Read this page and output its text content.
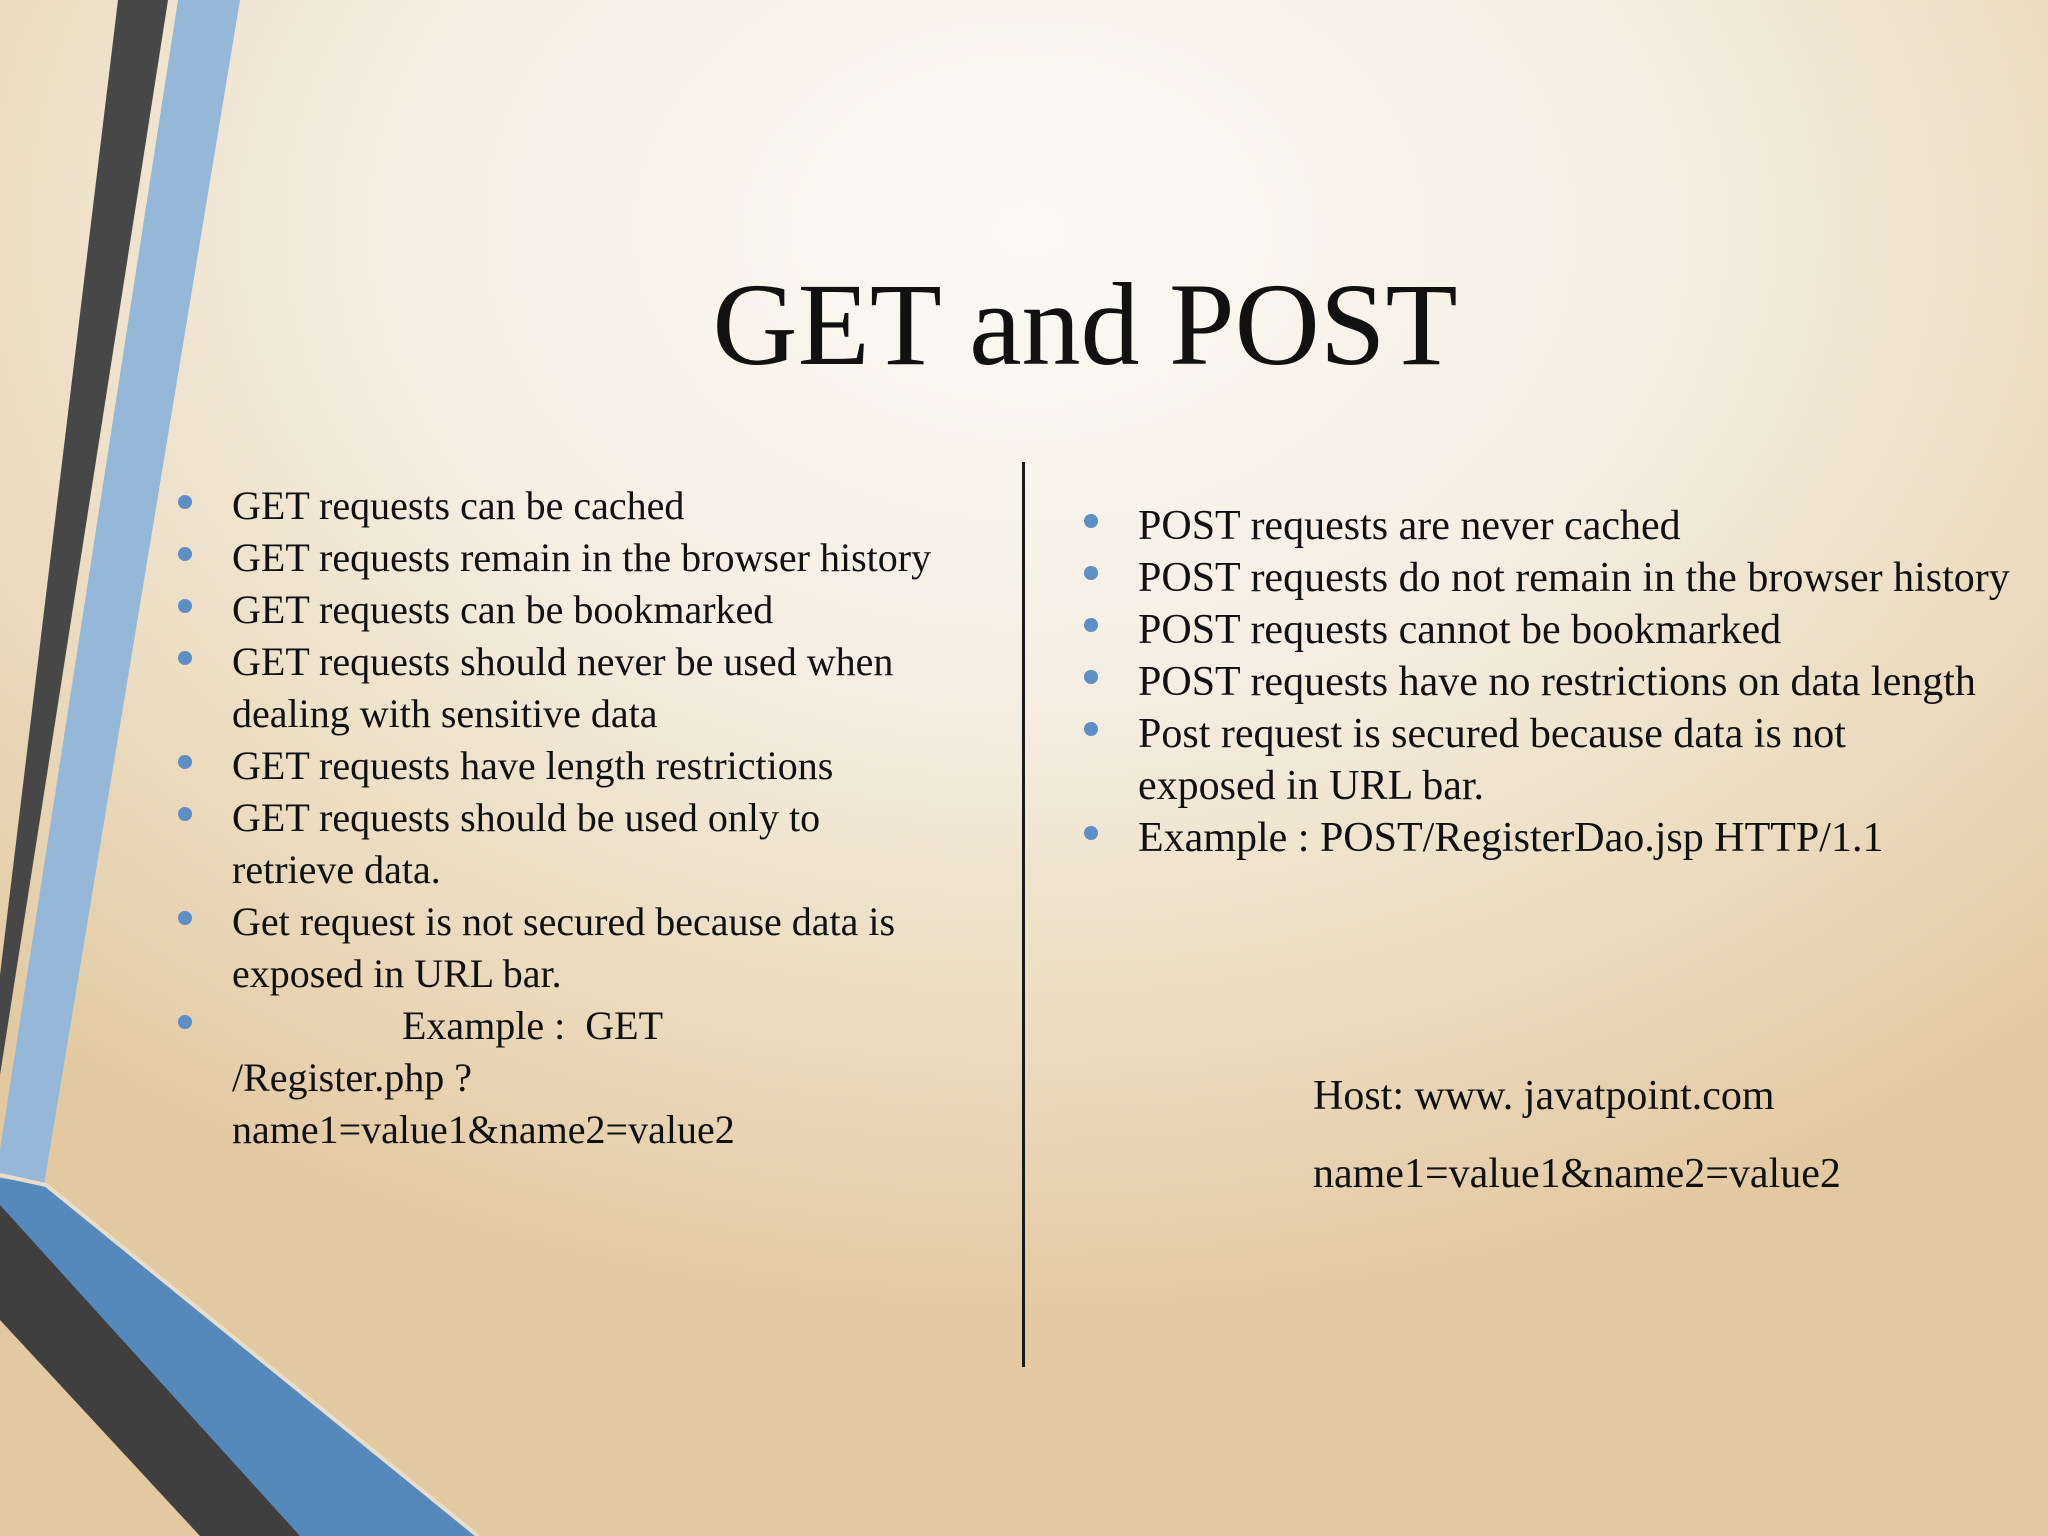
GET and POST
GET requests can be cached
GET requests remain in the browser history
GET requests can be bookmarked
GET requests should never be used when dealing with sensitive data
GET requests have length restrictions
GET requests should be used only to retrieve data.
Get request is not secured because data is exposed in URL bar.
Example :  GET
/Register.php ?
name1=value1&name2=value2
POST requests are never cached
POST requests do not remain in the browser history
POST requests cannot be bookmarked
POST requests have no restrictions on data length
Post request is secured because data is not exposed in URL bar.
Example : POST/RegisterDao.jsp HTTP/1.1
Host: www. javatpoint.com
name1=value1&name2=value2
